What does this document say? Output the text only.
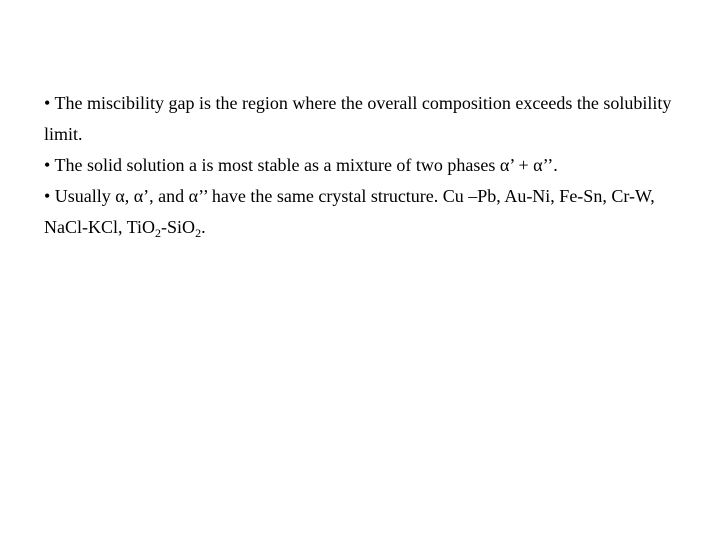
• The miscibility gap is the region where the overall composition exceeds the solubility limit.

• The solid solution a is most stable as a mixture of two phases α’ + α’’.

• Usually α, α’, and α’’ have the same crystal structure. Cu –Pb, Au-Ni, Fe-Sn, Cr-W, NaCl-KCl, TiO$_2$-SiO$_2$.
